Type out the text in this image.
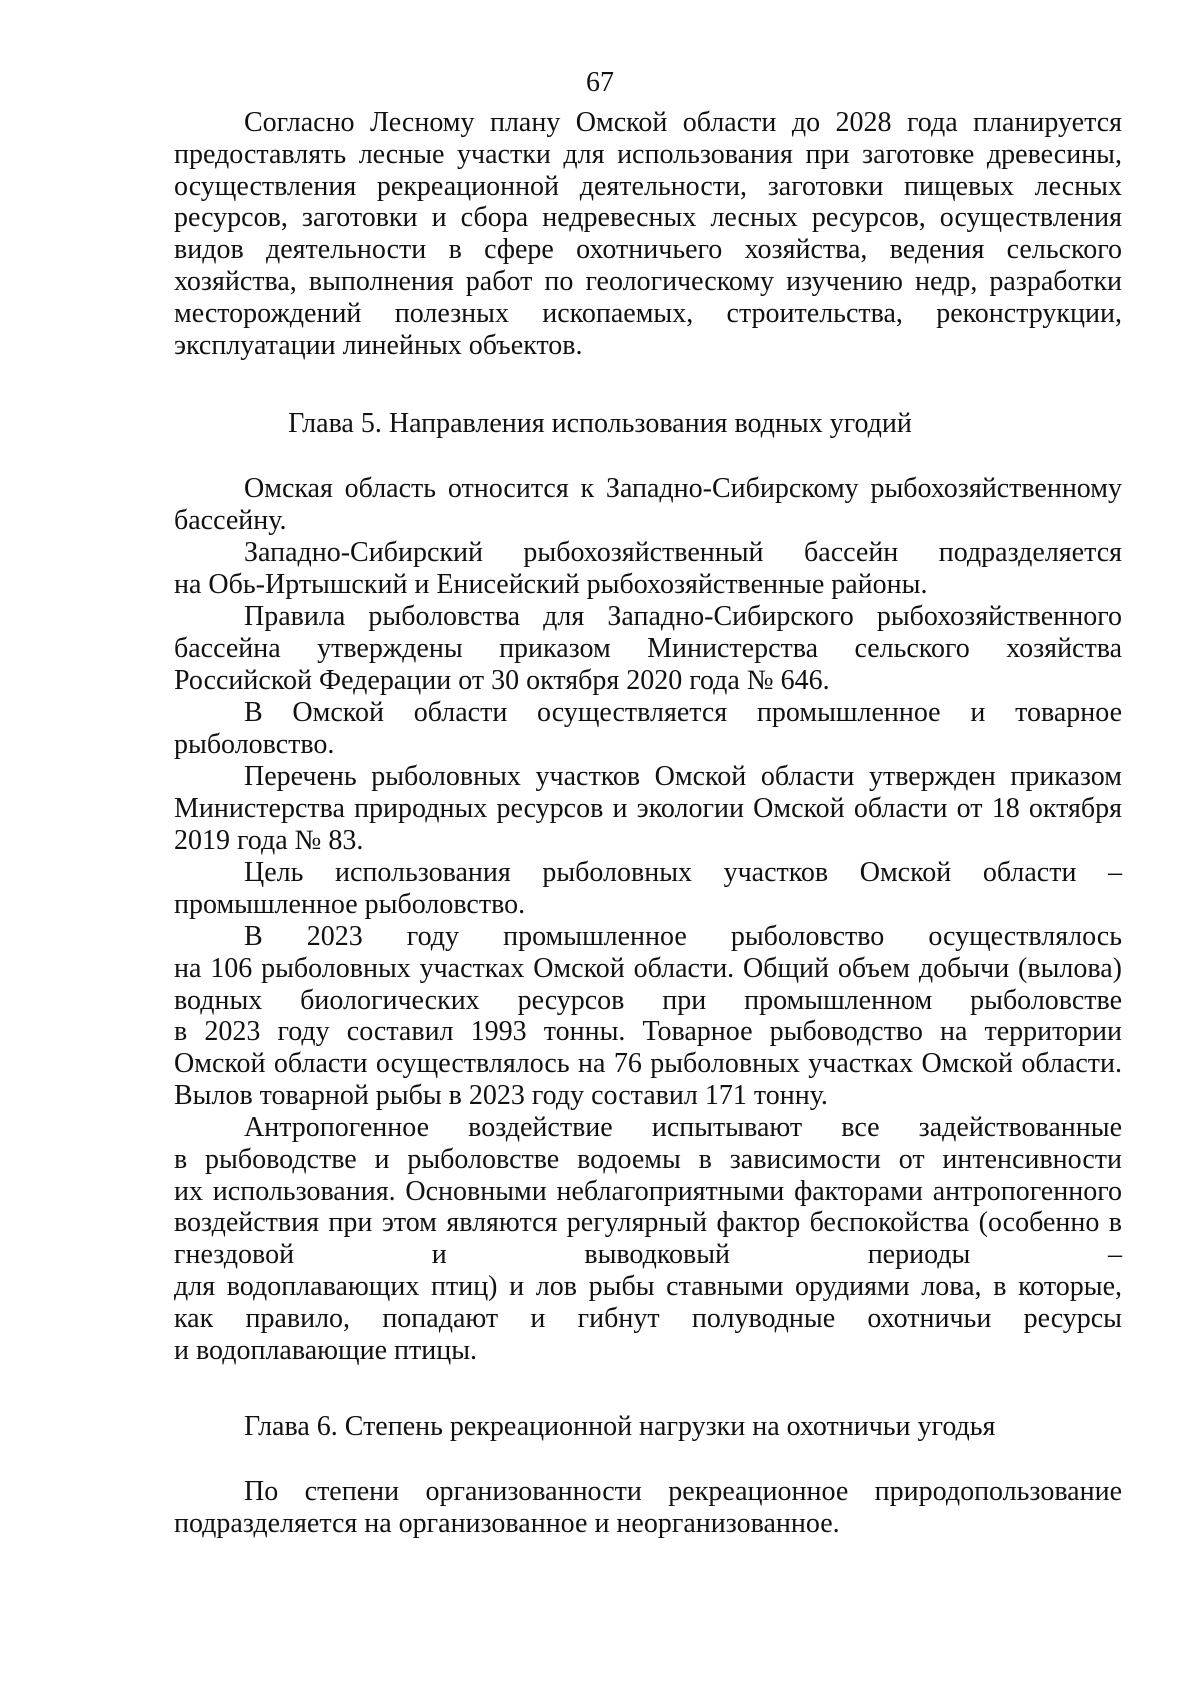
67

Согласно Лесному плану Омской области до 2028 года планируется
предоставлять лесные участки для использования при заготовке древесины,
осуществления рекреационной деятельности, заготовки пищевых лесных
ресурсов, заготовки и сбора недревесных лесных ресурсов, осуществления
видов деятельности в сфере охотничьего хозяйства, ведения сельского
хозяйства, выполнения работ по геологическому изучению недр, разработки
месторождений полезных ископаемых, строительства, реконструкции,
эксплуатации линейных объектов.

Глава 5. Направления использования водных угодий

Омская область относится к Западно-Сибирскому рыбохозяйственному
бассейну.

Западно-Сибирский рыбохозяйственный бассейн подразделяется
на Обь-Иртышский и Енисейский рыбохозяйственные районы.

Правила рыболовства для Западно-Сибирского рыбохозяйственного
бассейна утверждены приказом Министерства сельского хозяйства
Российской Федерации от 30 октября 2020 года № 646.

В Омской области осуществляется промышленное и товарное
рыболовство.

Перечень рыболовных участков Омской области утвержден приказом
Министерства природных ресурсов и экологии Омской области от 18 октября
2019 года № 83.

Цель использования рыболовных участков Омской области –
промышленное рыболовство.

В 2023 году промышленное рыболовство осуществлялось
на 106 рыболовных участках Омской области. Общий объем добычи (вылова)
водных биологических ресурсов при промышленном рыболовстве
в 2023 году составил 1993 тонны. Товарное рыбоводство на территории
Омской области осуществлялось на 76 рыболовных участках Омской области.
Вылов товарной рыбы в 2023 году составил 171 тонну.

Антропогенное воздействие испытывают все задействованные
в рыбоводстве и рыболовстве водоемы в зависимости от интенсивности
их использования. Основными неблагоприятными факторами антропогенного
воздействия при этом являются регулярный фактор беспокойства (особенно в
гнездовой и выводковый периоды –
для водоплавающих птиц) и лов рыбы ставными орудиями лова, в которые,
как правило, попадают и гибнут полуводные охотничьи ресурсы
и водоплавающие птицы.

Глава 6. Степень рекреационной нагрузки на охотничьи угодья

По степени организованности рекреационное природопользование
подразделяется на организованное и неорганизованное.
